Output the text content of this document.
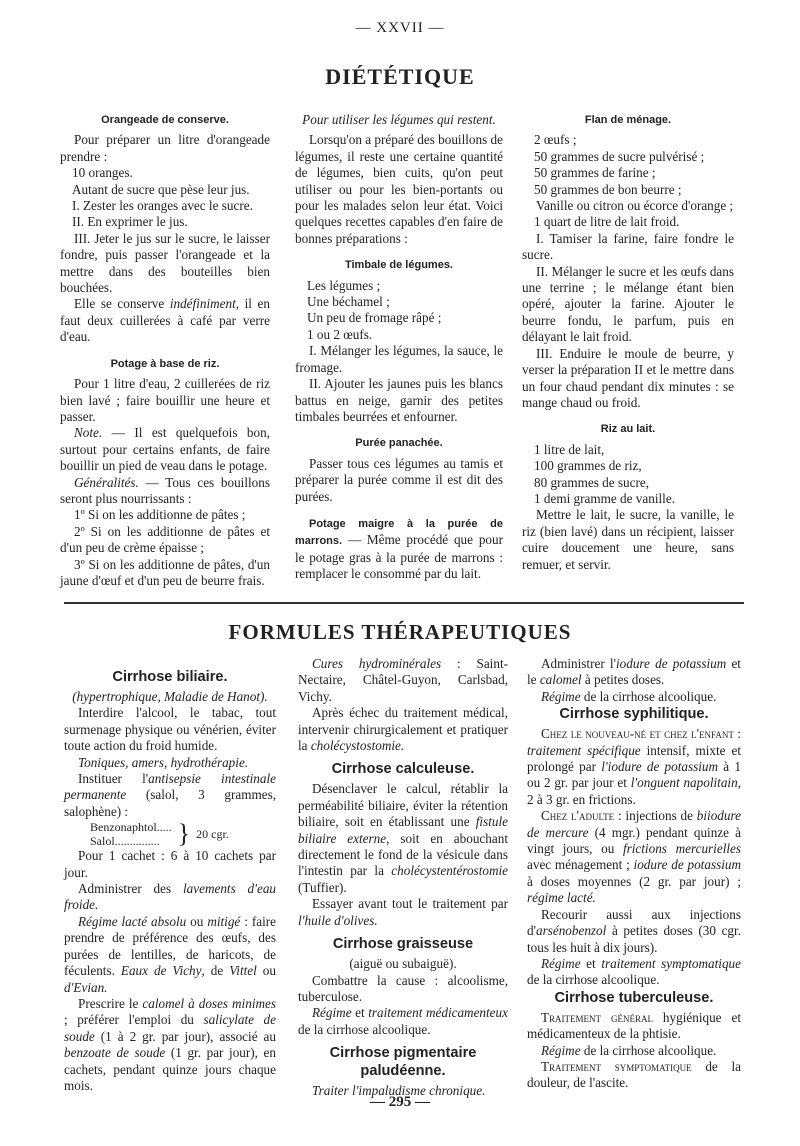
— XXVII —
DIÉTÉTIQUE

Orangeade de conserve.

Pour préparer un litre d'orangeade prendre :

10 oranges.

Autant de sucre que pèse leur jus.

I. Zester les oranges avec le sucre.

II. En exprimer le jus.

III. Jeter le jus sur le sucre, le laisser fondre, puis passer l'orangeade et la mettre dans des bouteilles bien bouchées.

Elle se conserve indéfiniment, il en faut deux cuillerées à café par verre d'eau.

Potage à base de riz.

Pour 1 litre d'eau, 2 cuillerées de riz bien lavé ; faire bouillir une heure et passer.

Note. — Il est quelquefois bon, surtout pour certains enfants, de faire bouillir un pied de veau dans le potage.

Généralités. — Tous ces bouillons seront plus nourrissants :

1º Si on les additionne de pâtes ;

2º Si on les additionne de pâtes et d'un peu de crème épaisse ;

3º Si on les additionne de pâtes, d'un jaune d'œuf et d'un peu de beurre frais.

Pour utiliser les légumes qui restent.

Lorsqu'on a préparé des bouillons de légumes, il reste une certaine quantité de légumes, bien cuits, qu'on peut utiliser ou pour les bien-portants ou pour les malades selon leur état. Voici quelques recettes capables d'en faire de bonnes préparations :

Timbale de légumes.

Les légumes ;

Une béchamel ;

Un peu de fromage râpé ;

1 ou 2 œufs.

I. Mélanger les légumes, la sauce, le fromage.

II. Ajouter les jaunes puis les blancs battus en neige, garnir des petites timbales beurrées et enfourner.

Purée panachée.

Passer tous ces légumes au tamis et préparer la purée comme il est dit des purées.

Potage maigre à la purée de marrons. — Même procédé que pour le potage gras à la purée de marrons : remplacer le consommé par du lait.

Flan de ménage.

2 œufs ;

50 grammes de sucre pulvérisé ;

50 grammes de farine ;

50 grammes de bon beurre ;

Vanille ou citron ou écorce d'orange ;

1 quart de litre de lait froid.

I. Tamiser la farine, faire fondre le sucre.

II. Mélanger le sucre et les œufs dans une terrine ; le mélange étant bien opéré, ajouter la farine. Ajouter le beurre fondu, le parfum, puis en délayant le lait froid.

III. Enduire le moule de beurre, y verser la préparation II et le mettre dans un four chaud pendant dix minutes : se mange chaud ou froid.

Riz au lait.

1 litre de lait,

100 grammes de riz,

80 grammes de sucre,

1 demi gramme de vanille.

Mettre le lait, le sucre, la vanille, le riz (bien lavé) dans un récipient, laisser cuire doucement une heure, sans remuer, et servir.

FORMULES THÉRAPEUTIQUES

Cirrhose biliaire.

(hypertrophique, Maladie de Hanot).

Interdire l'alcool, le tabac, tout surmenage physique ou vénérien, éviter toute action du froid humide.

Toniques, amers, hydrothérapie.

Instituer l'antisepsie intestinale permanente (salol, 3 grammes, salophène) :

Benzonaphtol.....
Salol............... } 20 cgr.

Pour 1 cachet : 6 à 10 cachets par jour.

Administrer des lavements d'eau froide.

Régime lacté absolu ou mitigé : faire prendre de préférence des œufs, des purées de lentilles, de haricots, de féculents. Eaux de Vichy, de Vittel ou d'Evian.

Prescrire le calomel à doses minimes ; préférer l'emploi du salicylate de soude (1 à 2 gr. par jour), associé au benzoate de soude (1 gr. par jour), en cachets, pendant quinze jours chaque mois.

Cures hydrominérales : Saint-Nectaire, Châtel-Guyon, Carlsbad, Vichy.

Après échec du traitement médical, intervenir chirurgicalement et pratiquer la cholécystostomie.

Cirrhose calculeuse.

Désenclaver le calcul, rétablir la perméabilité biliaire, éviter la rétention biliaire, soit en établissant une fistule biliaire externe, soit en abouchant directement le fond de la vésicule dans l'intestin par la cholécystentérostomie (Tuffier).

Essayer avant tout le traitement par l'huile d'olives.

Cirrhose graisseuse

(aiguë ou subaiguë).

Combattre la cause : alcoolisme, tuberculose.

Régime et traitement médicamenteux de la cirrhose alcoolique.

Cirrhose pigmentaire paludéenne.

Traiter l'impaludisme chronique.

Administrer l'iodure de potassium et le calomel à petites doses.

Régime de la cirrhose alcoolique.

Cirrhose syphilitique.

Chez le nouveau-né et chez l'enfant : traitement spécifique intensif, mixte et prolongé par l'iodure de potassium à 1 ou 2 gr. par jour et l'onguent napolitain, 2 à 3 gr. en frictions.

Chez l'adulte : injections de biiodure de mercure (4 mgr.) pendant quinze à vingt jours, ou frictions mercurielles avec ménagement ; iodure de potassium à doses moyennes (2 gr. par jour) ; régime lacté.

Recourir aussi aux injections d'arsénobenzol à petites doses (30 cgr. tous les huit à dix jours).

Régime et traitement symptomatique de la cirrhose alcoolique.

Cirrhose tuberculeuse.

Traitement général hygiénique et médicamenteux de la phtisie.

Régime de la cirrhose alcoolique.

Traitement symptomatique de la douleur, de l'ascite.

— 295 —
